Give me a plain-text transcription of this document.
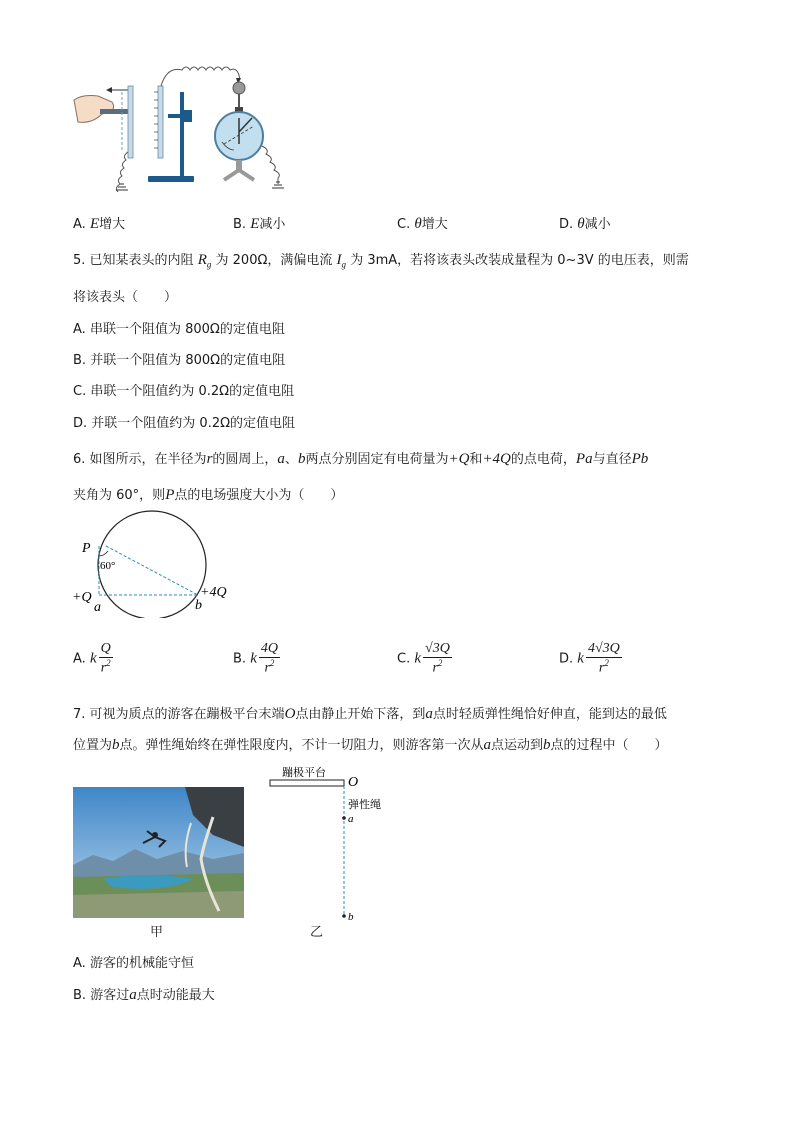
A. E增大	B. E减小	C. θ增大	D. θ减小
5. 已知某表头的内阻 $R_g$ 为 200Ω，满偏电流 $I_g$ 为 3mA，若将该表头改装成量程为 0~3V 的电压表，则需
将该表头（　　）
A. 串联一个阻值为 800Ω的定值电阻
B. 并联一个阻值为 800Ω的定值电阻
C. 串联一个阻值约为 0.2Ω的定值电阻
D. 并联一个阻值约为 0.2Ω的定值电阻
6. 如图所示，在半径为r的圆周上，a、b两点分别固定有电荷量为+Q和+4Q的点电荷，Pa与直径Pb
夹角为 60°，则P点的电场强度大小为（　　）
P
60°
+Q
a	b
+4Q
A. k $\frac{Q}{r^2}$	B. k $\frac{4Q}{r^2}$	C. k $\frac{√3Q}{r^2}$	D. k $\frac{4√3Q}{r^2}$
7. 可视为质点的游客在蹦极平台末端O点由静止开始下落，到a点时轻质弹性绳恰好伸直，能到达的最低
位置为b点。弹性绳始终在弹性限度内，不计一切阻力，则游客第一次从a点运动到b点的过程中（　　）
甲
蹦极平台
O
弹性绳
a
b
乙
A. 游客的机械能守恒
B. 游客过a点时动能最大
